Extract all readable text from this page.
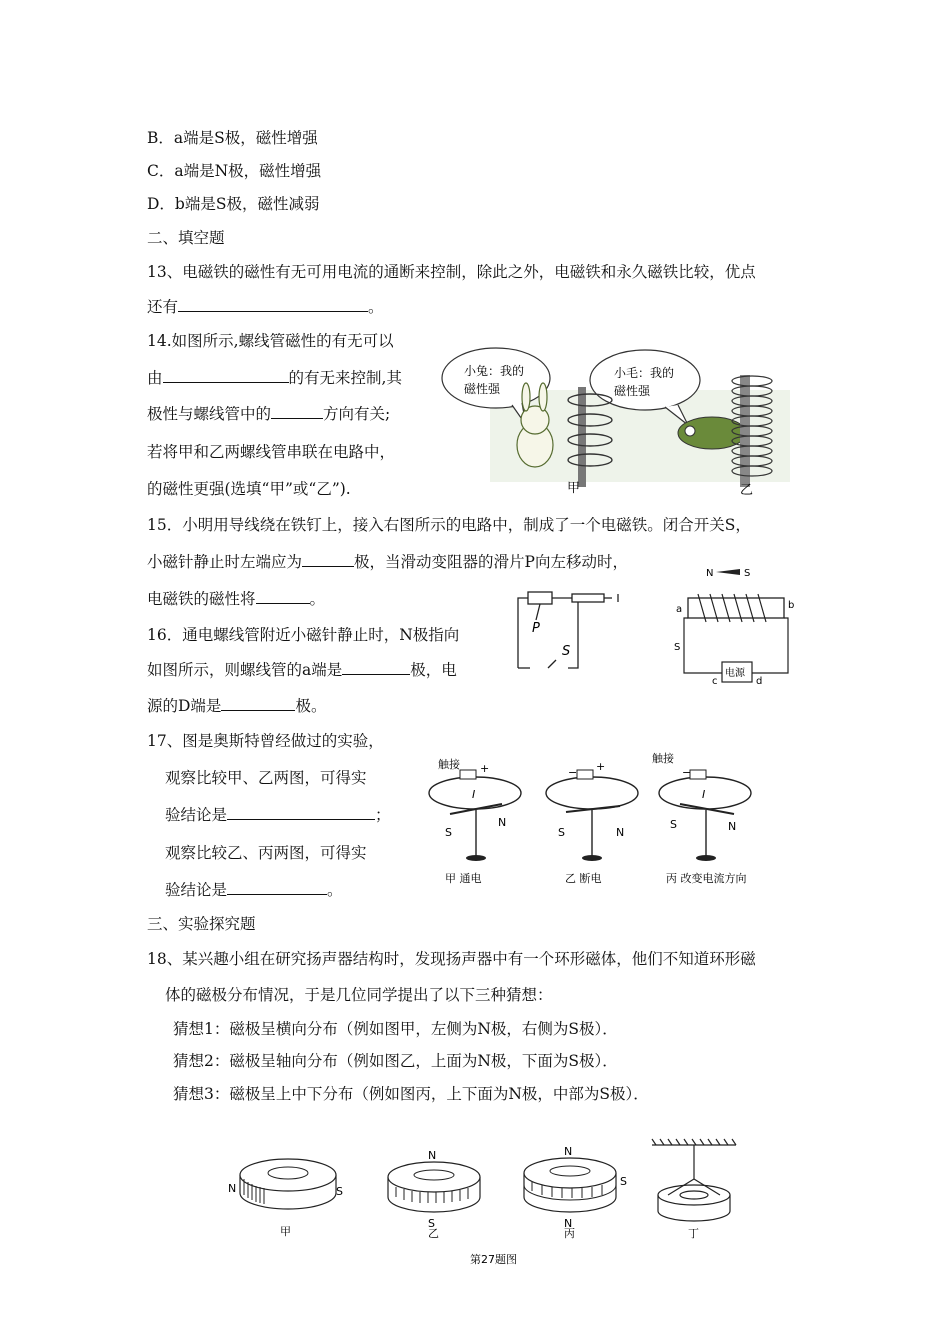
B．a端是S极，磁性增强
C．a端是N极，磁性增强
D．b端是S极，磁性减弱
二、填空题
13、电磁铁的磁性有无可用电流的通断来控制，除此之外，电磁铁和永久磁铁比较，优点
还有	。
14.如图所示,螺线管磁性的有无可以
由	的有无来控制,其
极性与螺线管中的	方向有关;
若将甲和乙两螺线管串联在电路中，
的磁性更强(选填“甲”或“乙”).
小兔：我的
磁性强
小毛：我的
磁性强
甲	乙
15．小明用导线绕在铁钉上，接入右图所示的电路中，制成了一个电磁铁。闭合开关S，
小磁针静止时左端应为	极，当滑动变阻器的滑片P向左移动时，
电磁铁的磁性将	。
P
S
N	S
a	b
S
电源
c	d
16．通电螺线管附近小磁针静止时，N极指向
如图所示，则螺线管的a端是	极，电
源的D端是	极。
17、图是奥斯特曾经做过的实验，
观察比较甲、乙两图，可得实
验结论是	；
观察比较乙、丙两图，可得实
验结论是	。
触接 +
I
S
N
甲 通电
− +
S	N
乙 断电
触接
−
I
S	N
丙 改变电流方向
三、实验探究题
18、某兴趣小组在研究扬声器结构时，发现扬声器中有一个环形磁体，他们不知道环形磁
体的磁极分布情况，于是几位同学提出了以下三种猜想：
猜想1：磁极呈横向分布（例如图甲，左侧为N极，右侧为S极）．
猜想2：磁极呈轴向分布（例如图乙，上面为N极，下面为S极）．
猜想3：磁极呈上中下分布（例如图丙，上下面为N极，中部为S极）．
N	S
甲
N
S
乙
N
S
N
丙	丁
第27题图
